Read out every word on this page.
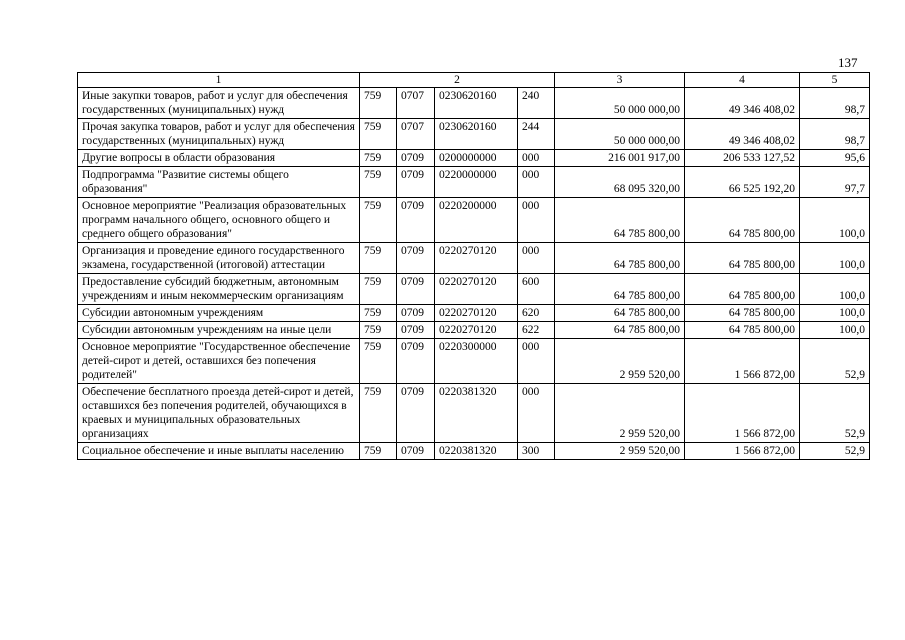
137
1	2				3	4	5
Иные закупки товаров, работ и услуг для обеспечения государственных (муниципальных) нужд	759	0707	0230620160	240	50 000 000,00	49 346 408,02	98,7
Прочая закупка товаров, работ и услуг для обеспечения государственных (муниципальных) нужд	759	0707	0230620160	244	50 000 000,00	49 346 408,02	98,7
Другие вопросы в области образования	759	0709	0200000000	000	216 001 917,00	206 533 127,52	95,6
Подпрограмма "Развитие системы общего образования"	759	0709	0220000000	000	68 095 320,00	66 525 192,20	97,7
Основное мероприятие "Реализация образовательных программ начального общего, основного общего и среднего общего образования"	759	0709	0220200000	000	64 785 800,00	64 785 800,00	100,0
Организация и проведение единого государственного экзамена, государственной (итоговой) аттестации	759	0709	0220270120	000	64 785 800,00	64 785 800,00	100,0
Предоставление субсидий бюджетным, автономным учреждениям и иным некоммерческим организациям	759	0709	0220270120	600	64 785 800,00	64 785 800,00	100,0
Субсидии автономным учреждениям	759	0709	0220270120	620	64 785 800,00	64 785 800,00	100,0
Субсидии автономным учреждениям на иные цели	759	0709	0220270120	622	64 785 800,00	64 785 800,00	100,0
Основное мероприятие "Государственное обеспечение детей-сирот и детей, оставшихся без попечения родителей"	759	0709	0220300000	000	2 959 520,00	1 566 872,00	52,9
Обеспечение бесплатного проезда детей-сирот и детей, оставшихся без попечения родителей, обучающихся в краевых и муниципальных образовательных организациях	759	0709	0220381320	000	2 959 520,00	1 566 872,00	52,9
Социальное обеспечение и иные выплаты населению	759	0709	0220381320	300	2 959 520,00	1 566 872,00	52,9
